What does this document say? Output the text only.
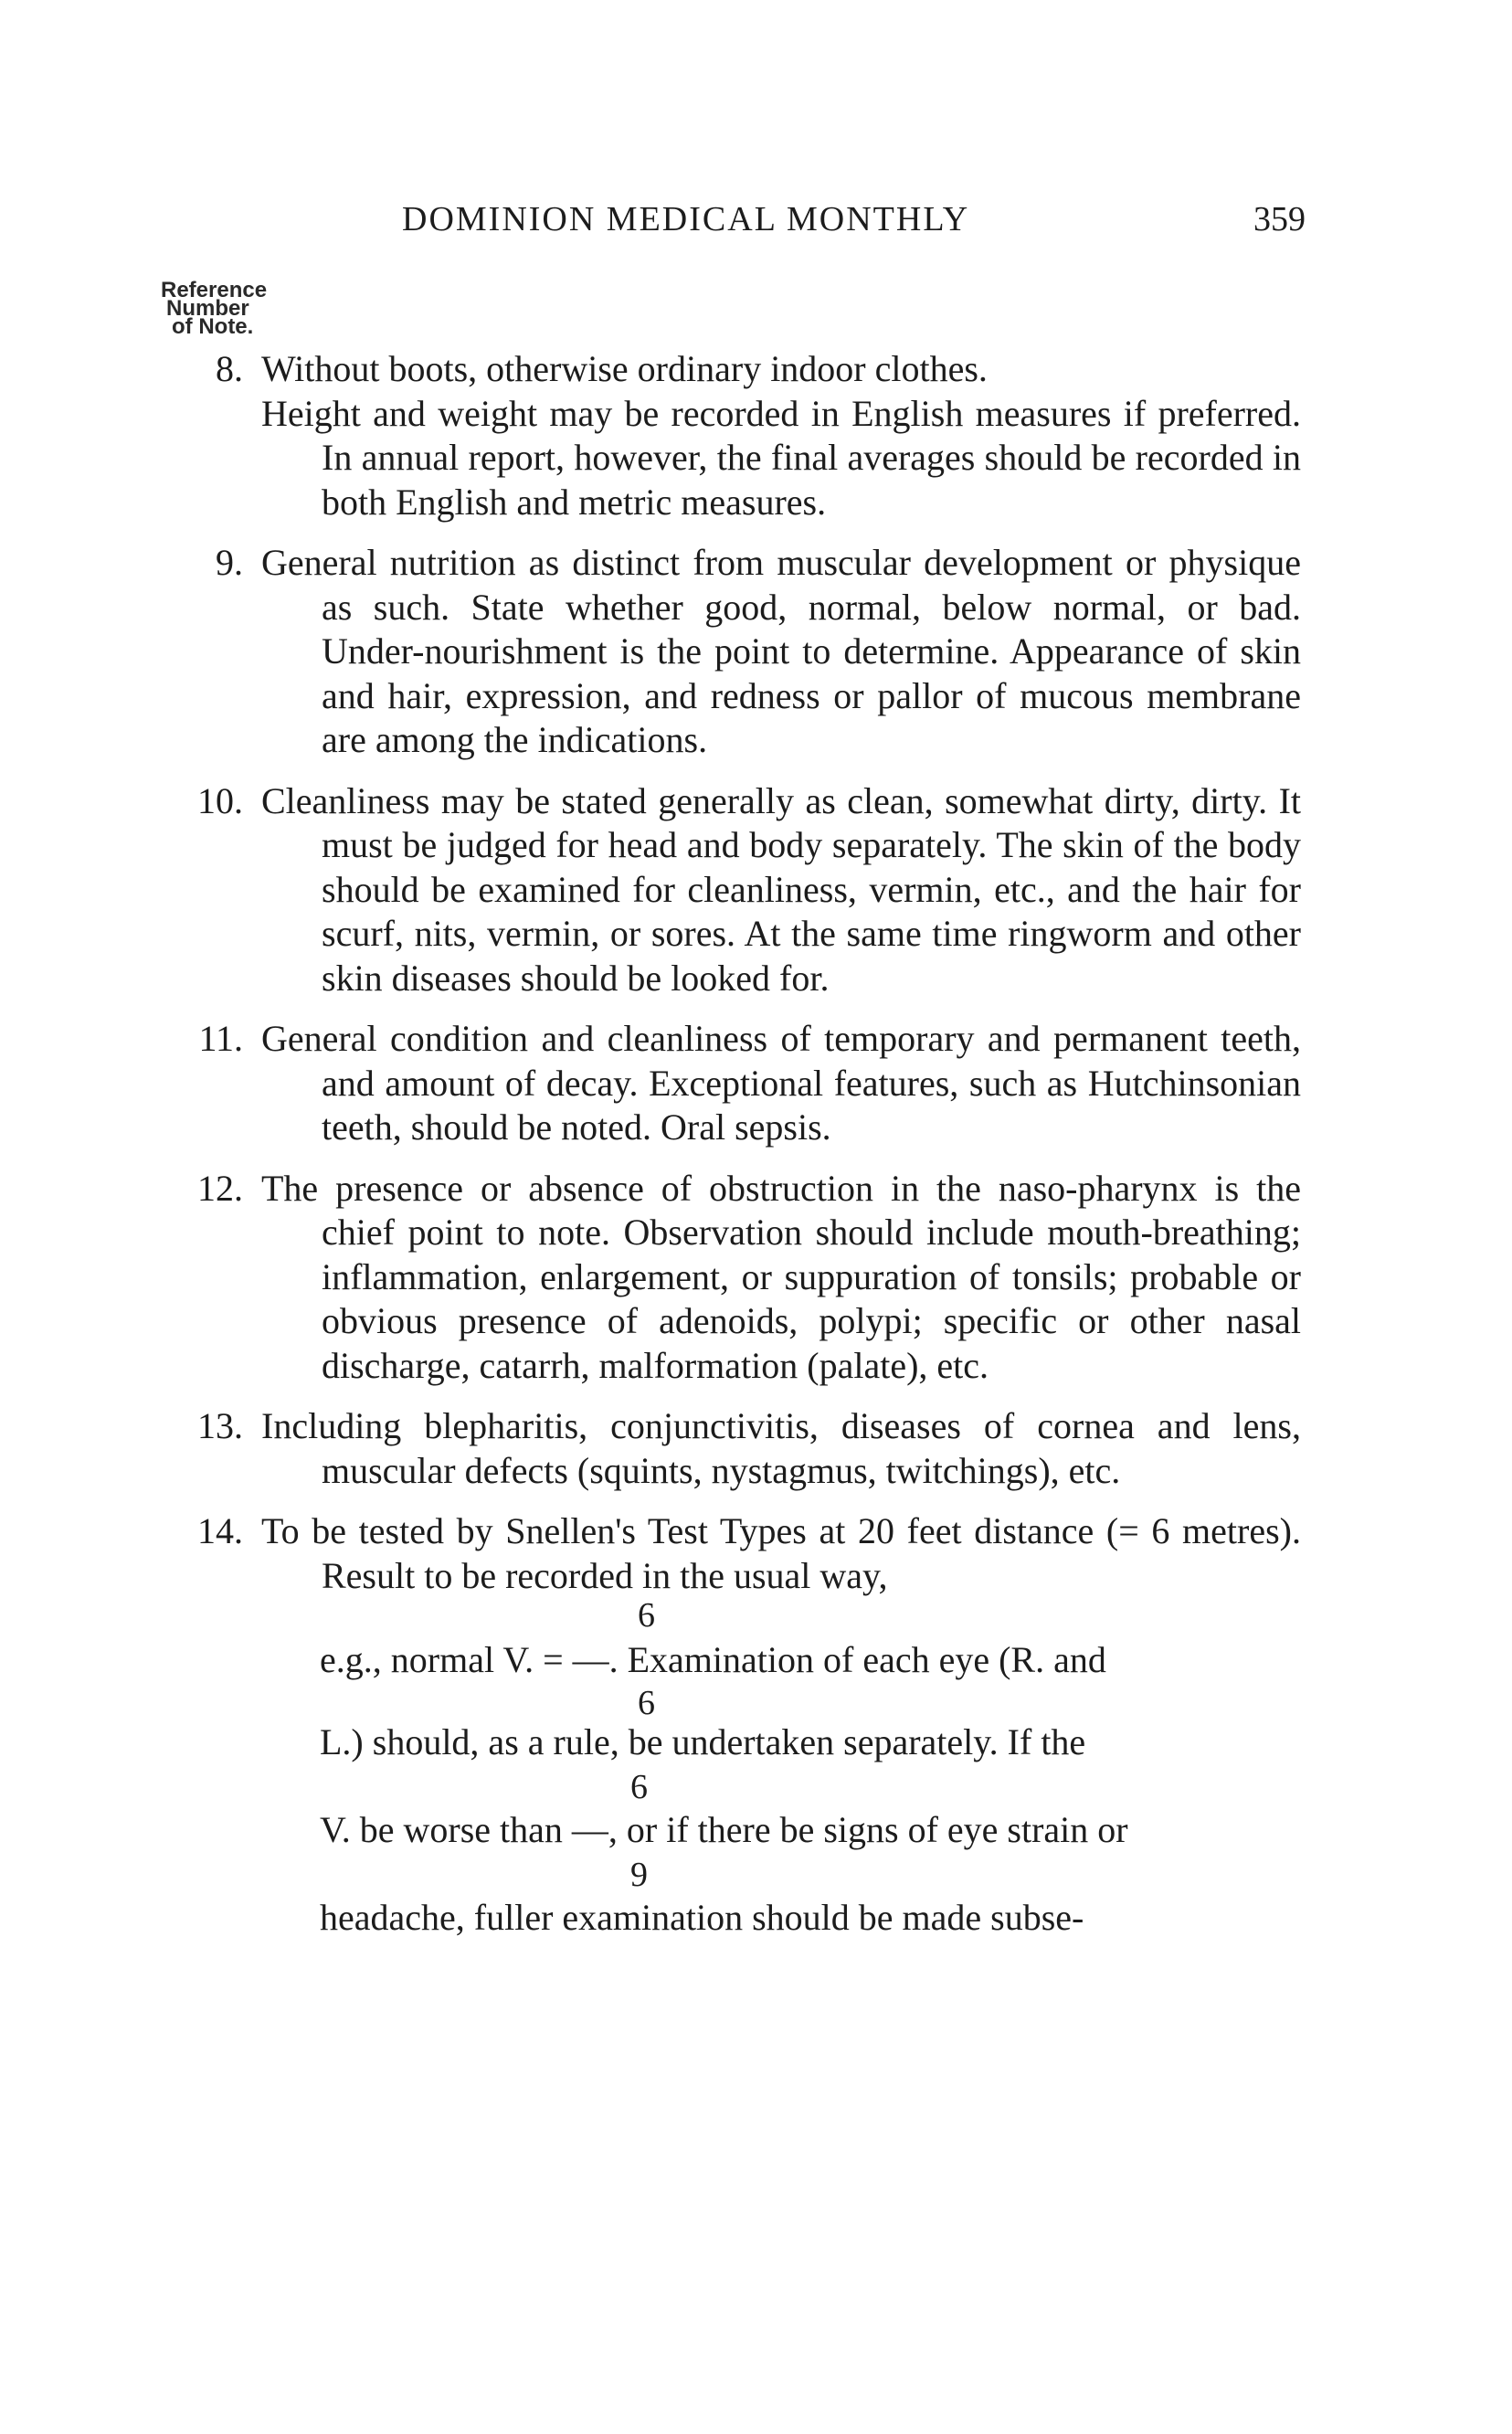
DOMINION MEDICAL MONTHLY	359
Reference
Number
of Note.
8. Without boots, otherwise ordinary indoor clothes.
Height and weight may be recorded in English measures if preferred. In annual report, however, the final averages should be recorded in both English and metric measures.
9. General nutrition as distinct from muscular development or physique as such. State whether good, normal, below normal, or bad. Under-nourishment is the point to determine. Appearance of skin and hair, expression, and redness or pallor of mucous membrane are among the indications.
10. Cleanliness may be stated generally as clean, somewhat dirty, dirty. It must be judged for head and body separately. The skin of the body should be examined for cleanliness, vermin, etc., and the hair for scurf, nits, vermin, or sores. At the same time ringworm and other skin diseases should be looked for.
11. General condition and cleanliness of temporary and permanent teeth, and amount of decay. Exceptional features, such as Hutchinsonian teeth, should be noted. Oral sepsis.
12. The presence or absence of obstruction in the naso-pharynx is the chief point to note. Observation should include mouth-breathing; inflammation, enlargement, or suppuration of tonsils; probable or obvious presence of adenoids, polypi; specific or other nasal discharge, catarrh, malformation (palate), etc.
13. Including blepharitis, conjunctivitis, diseases of cornea and lens, muscular defects (squints, nystagmus, twitchings), etc.
14. To be tested by Snellen's Test Types at 20 feet distance (= 6 metres). Result to be recorded in the usual way,
6
e.g., normal V. = —. Examination of each eye (R. and
6
L.) should, as a rule, be undertaken separately. If the
6
V. be worse than —, or if there be signs of eye strain or
9
headache, fuller examination should be made subse-
